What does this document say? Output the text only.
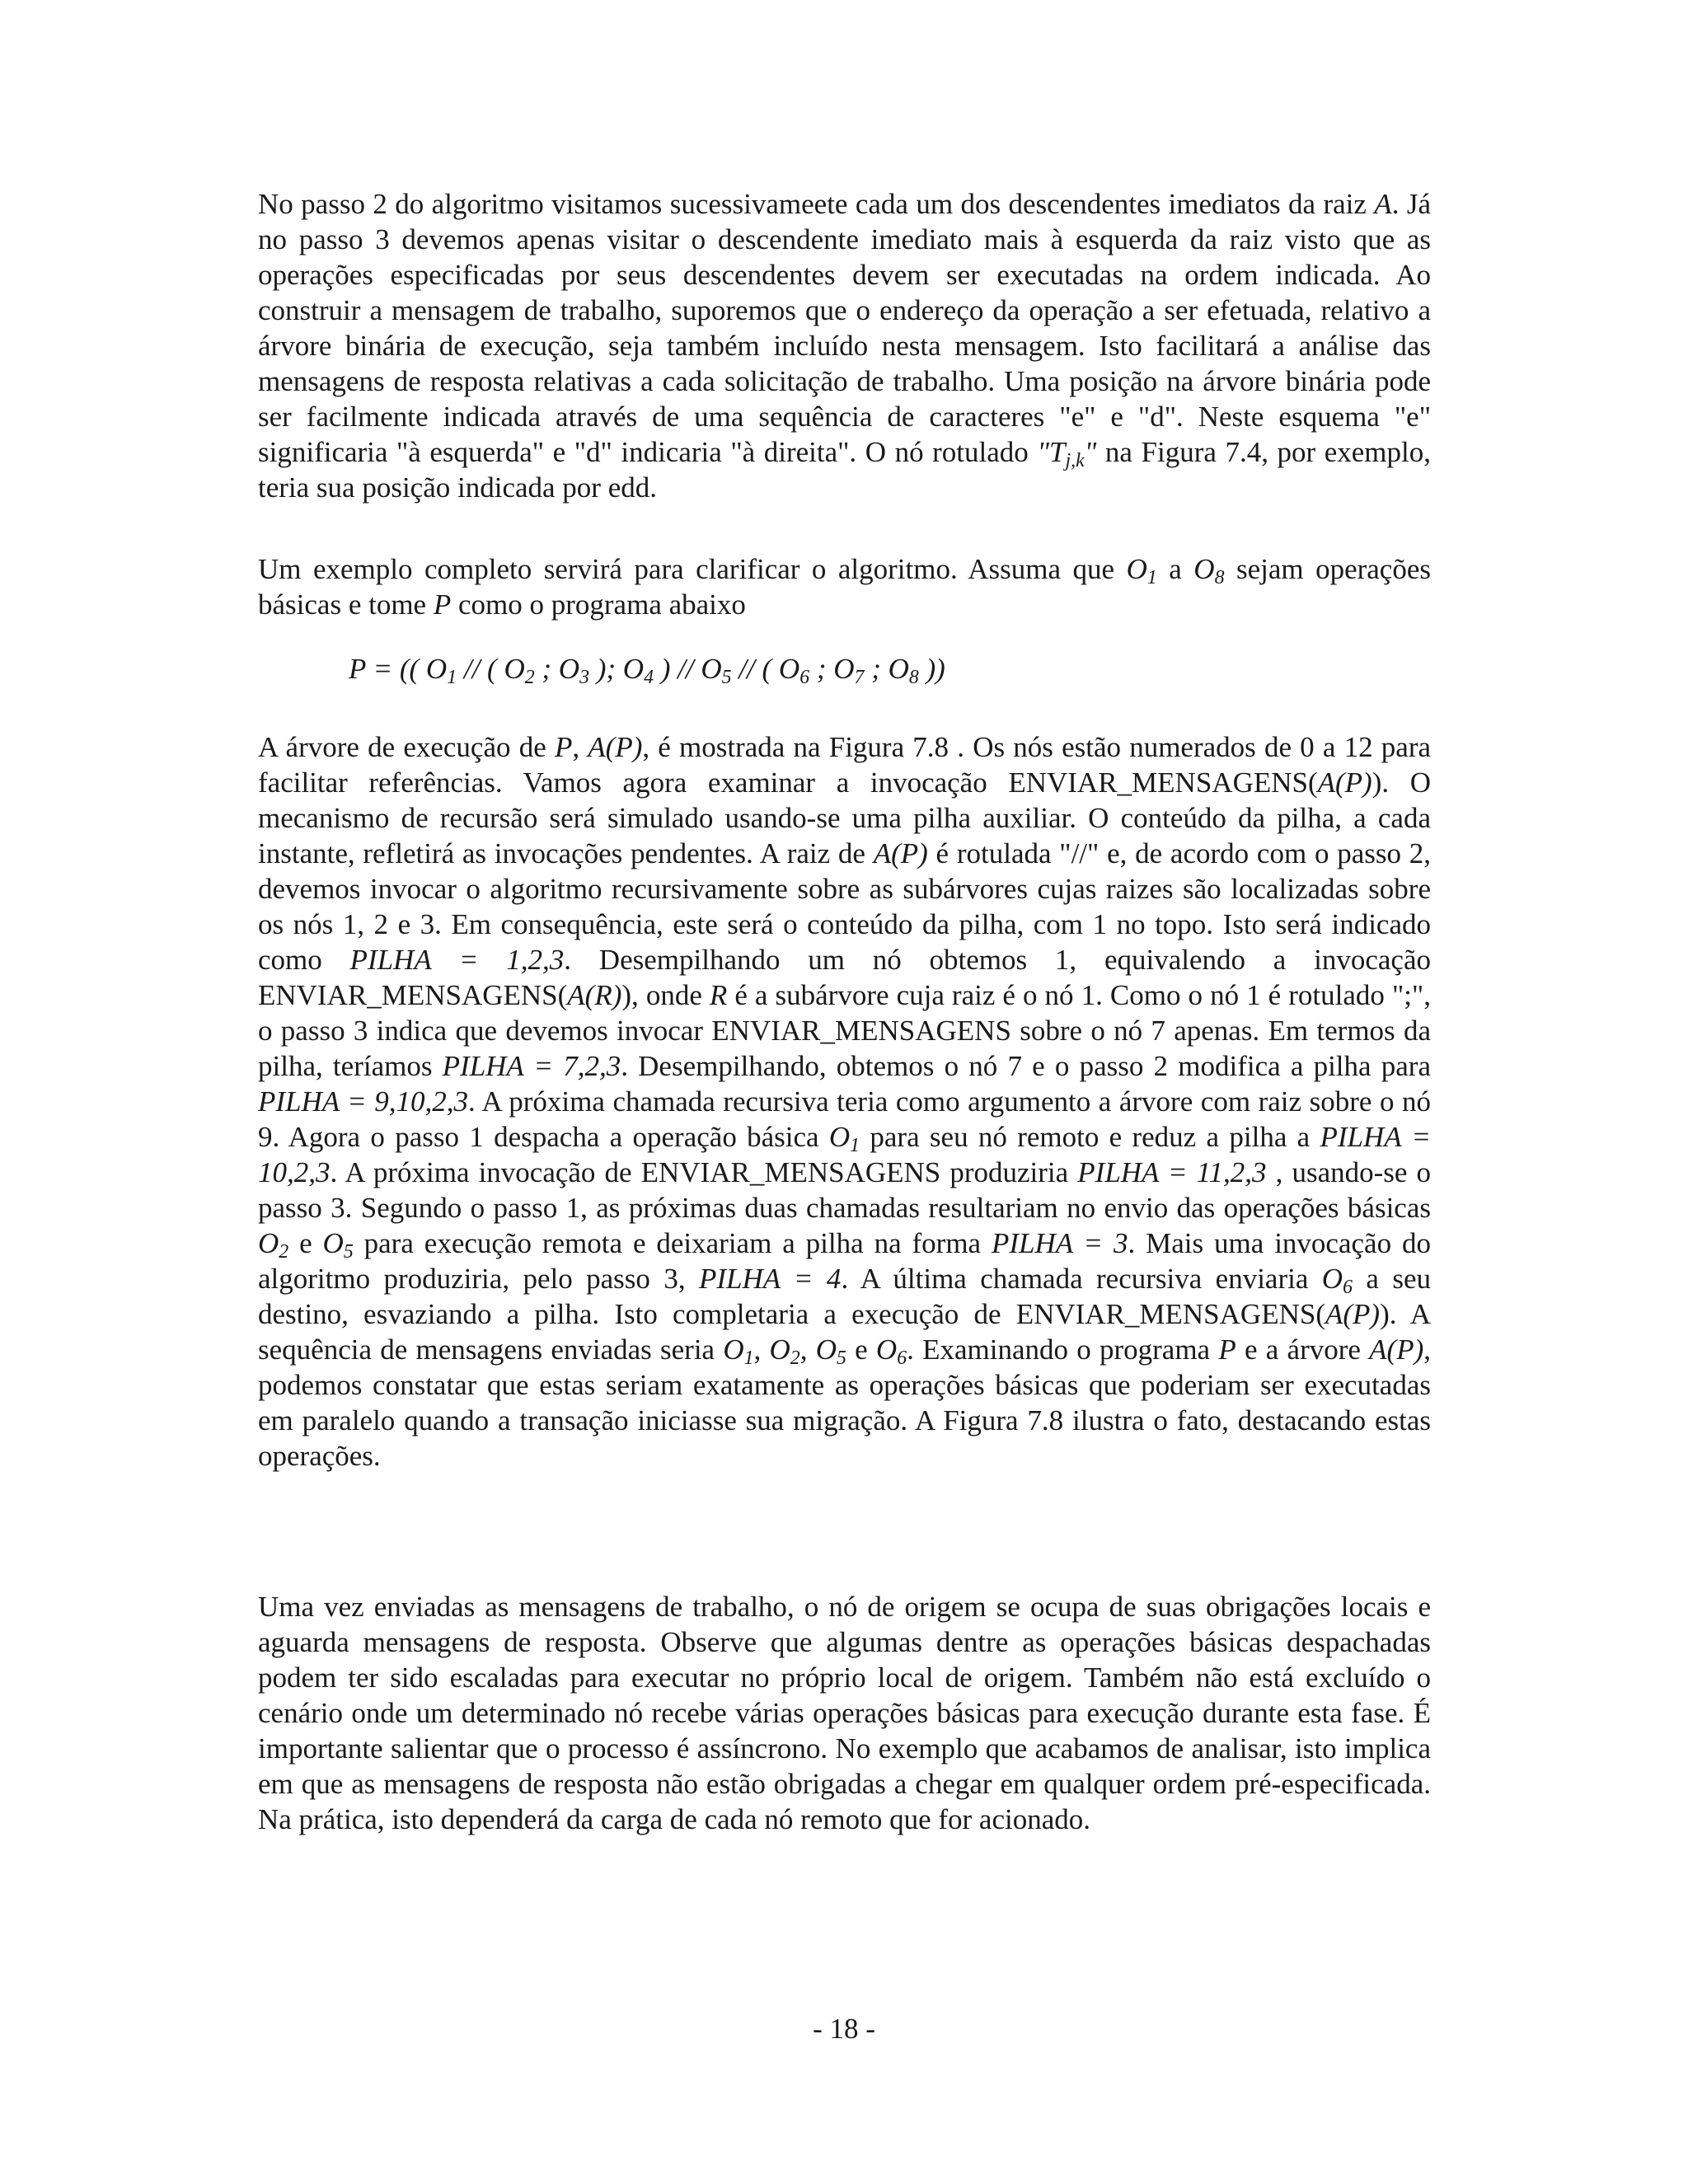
No passo 2 do algoritmo visitamos sucessivameete cada um dos descendentes imediatos da raiz A. Já no passo 3 devemos apenas visitar o descendente imediato mais à esquerda da raiz visto que as operações especificadas por seus descendentes devem ser executadas na ordem indicada. Ao construir a mensagem de trabalho, suporemos que o endereço da operação a ser efetuada, relativo a árvore binária de execução, seja também incluído nesta mensagem. Isto facilitará a análise das mensagens de resposta relativas a cada solicitação de trabalho. Uma posição na árvore binária pode ser facilmente indicada através de uma sequência de caracteres "e" e "d". Neste esquema "e" significaria "à esquerda" e "d" indicaria "à direita". O nó rotulado "$T_{j,k}$" na Figura 7.4, por exemplo, teria sua posição indicada por edd.

Um exemplo completo servirá para clarificar o algoritmo. Assuma que $O_1$ a $O_8$ sejam operações básicas e tome P como o programa abaixo

P = (( $O_1$ // ( $O_2$ ; $O_3$ ); $O_4$ ) // $O_5$ // ( $O_6$ ; $O_7$ ; $O_8$ ))

A árvore de execução de P, A(P), é mostrada na Figura 7.8 . Os nós estão numerados de 0 a 12 para facilitar referências. Vamos agora examinar a invocação ENVIAR_MENSAGENS(A(P)). O mecanismo de recursão será simulado usando-se uma pilha auxiliar. O conteúdo da pilha, a cada instante, refletirá as invocações pendentes. A raiz de A(P) é rotulada "//" e, de acordo com o passo 2, devemos invocar o algoritmo recursivamente sobre as subárvores cujas raizes são localizadas sobre os nós 1, 2 e 3. Em consequência, este será o conteúdo da pilha, com 1 no topo. Isto será indicado como PILHA = 1,2,3. Desempilhando um nó obtemos 1, equivalendo a invocação ENVIAR_MENSAGENS(A(R)), onde R é a subárvore cuja raiz é o nó 1. Como o nó 1 é rotulado ";", o passo 3 indica que devemos invocar ENVIAR_MENSAGENS sobre o nó 7 apenas. Em termos da pilha, teríamos PILHA = 7,2,3. Desempilhando, obtemos o nó 7 e o passo 2 modifica a pilha para PILHA = 9,10,2,3. A próxima chamada recursiva teria como argumento a árvore com raiz sobre o nó 9. Agora o passo 1 despacha a operação básica $O_1$ para seu nó remoto e reduz a pilha a PILHA = 10,2,3. A próxima invocação de ENVIAR_MENSAGENS produziria PILHA = 11,2,3 , usando-se o passo 3. Segundo o passo 1, as próximas duas chamadas resultariam no envio das operações básicas $O_2$ e $O_5$ para execução remota e deixariam a pilha na forma PILHA = 3. Mais uma invocação do algoritmo produziria, pelo passo 3, PILHA = 4. A última chamada recursiva enviaria $O_6$ a seu destino, esvaziando a pilha. Isto completaria a execução de ENVIAR_MENSAGENS(A(P)). A sequência de mensagens enviadas seria $O_1$, $O_2$, $O_5$ e $O_6$. Examinando o programa P e a árvore A(P), podemos constatar que estas seriam exatamente as operações básicas que poderiam ser executadas em paralelo quando a transação iniciasse sua migração. A Figura 7.8 ilustra o fato, destacando estas operações.

Uma vez enviadas as mensagens de trabalho, o nó de origem se ocupa de suas obrigações locais e aguarda mensagens de resposta. Observe que algumas dentre as operações básicas despachadas podem ter sido escaladas para executar no próprio local de origem. Também não está excluído o cenário onde um determinado nó recebe várias operações básicas para execução durante esta fase. É importante salientar que o processo é assíncrono. No exemplo que acabamos de analisar, isto implica em que as mensagens de resposta não estão obrigadas a chegar em qualquer ordem pré-especificada. Na prática, isto dependerá da carga de cada nó remoto que for acionado.

- 18 -
